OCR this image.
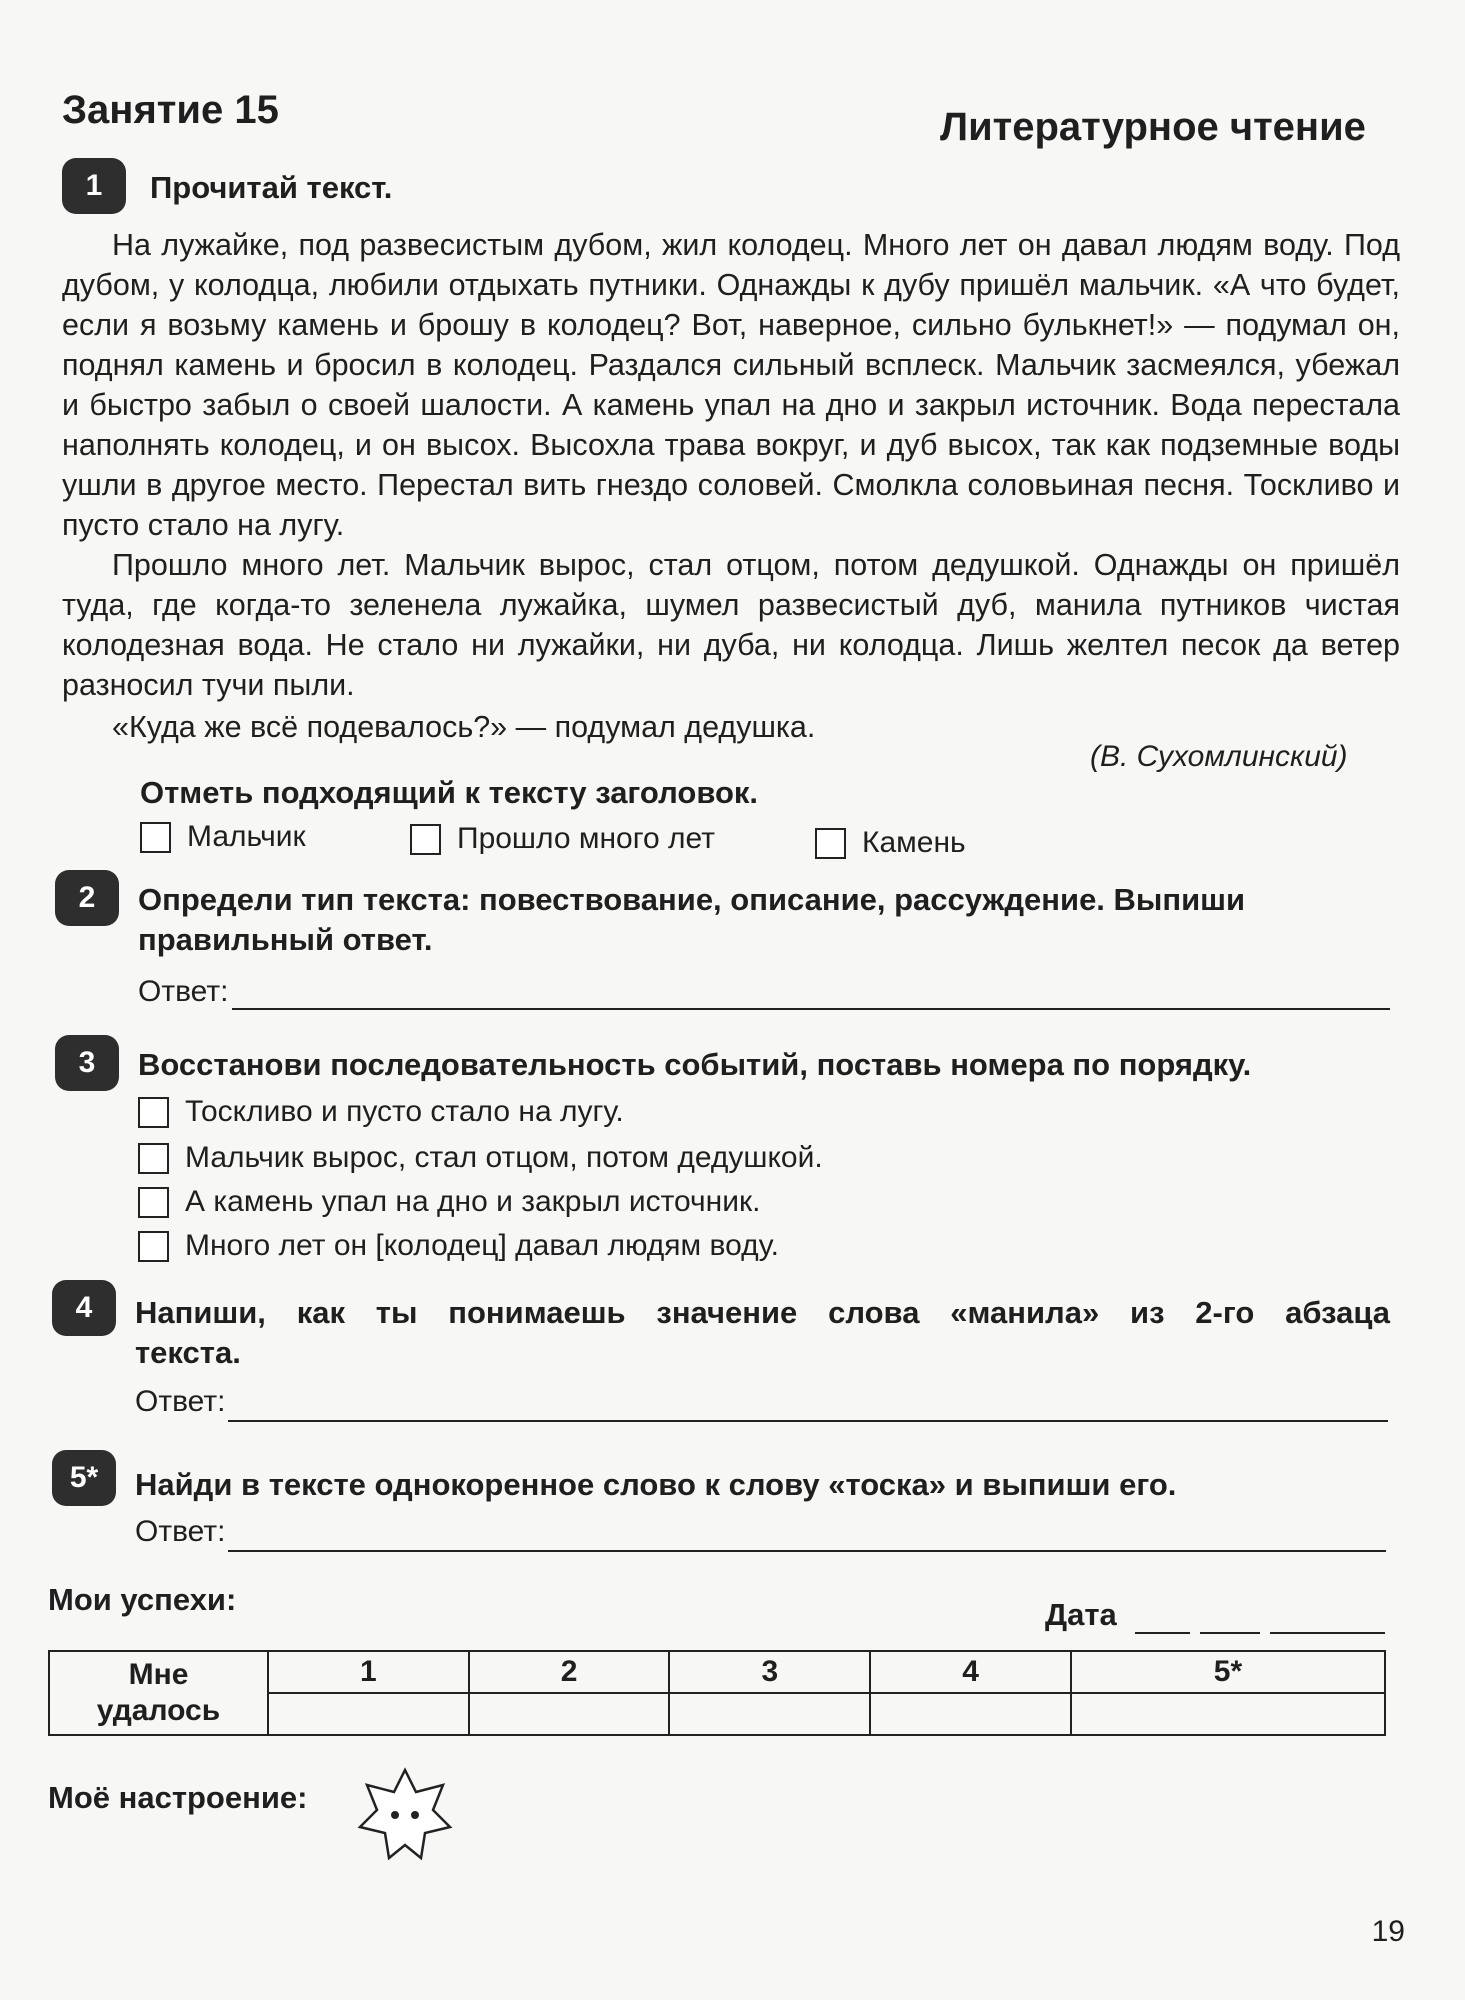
Занятие 15	Литературное чтение
1	Прочитай текст.

На лужайке, под развесистым дубом, жил колодец. Много лет он давал людям воду. Под дубом, у колодца, любили отдыхать путники. Однажды к дубу пришёл мальчик. «А что будет, если я возьму камень и брошу в колодец? Вот, наверное, сильно булькнет!» — подумал он, поднял камень и бросил в колодец. Раздался сильный всплеск. Мальчик засмеялся, убежал и быстро забыл о своей шалости. А камень упал на дно и закрыл источник. Вода перестала наполнять колодец, и он высох. Высохла трава вокруг, и дуб высох, так как подземные воды ушли в другое место. Перестал вить гнездо соловей. Смолкла соловьиная песня. Тоскливо и пусто стало на лугу.

Прошло много лет. Мальчик вырос, стал отцом, потом дедушкой. Однажды он пришёл туда, где когда-то зеленела лужайка, шумел развесистый дуб, манила путников чистая колодезная вода. Не стало ни лужайки, ни дуба, ни колодца. Лишь желтел песок да ветер разносил тучи пыли.

«Куда же всё подевалось?» — подумал дедушка.

(В. Сухомлинский)
Отметь подходящий к тексту заголовок.
Мальчик	Прошло много лет	Камень
2	Определи тип текста: повествование, описание, рассуждение. Выпиши
правильный ответ.
Ответ:
3	Восстанови последовательность событий, поставь номера по порядку.
Тоскливо и пусто стало на лугу.
Мальчик вырос, стал отцом, потом дедушкой.
А камень упал на дно и закрыл источник.
Много лет он [колодец] давал людям воду.
4	Напиши, как ты понимаешь значение слова «манила» из 2-го абзаца
текста.
Ответ:
5*	Найди в тексте однокоренное слово к слову «тоска» и выпиши его.
Ответ:
Мои успехи:	Дата
Мне
удалось	1	2	3	4	5*

Моё настроение:
19
